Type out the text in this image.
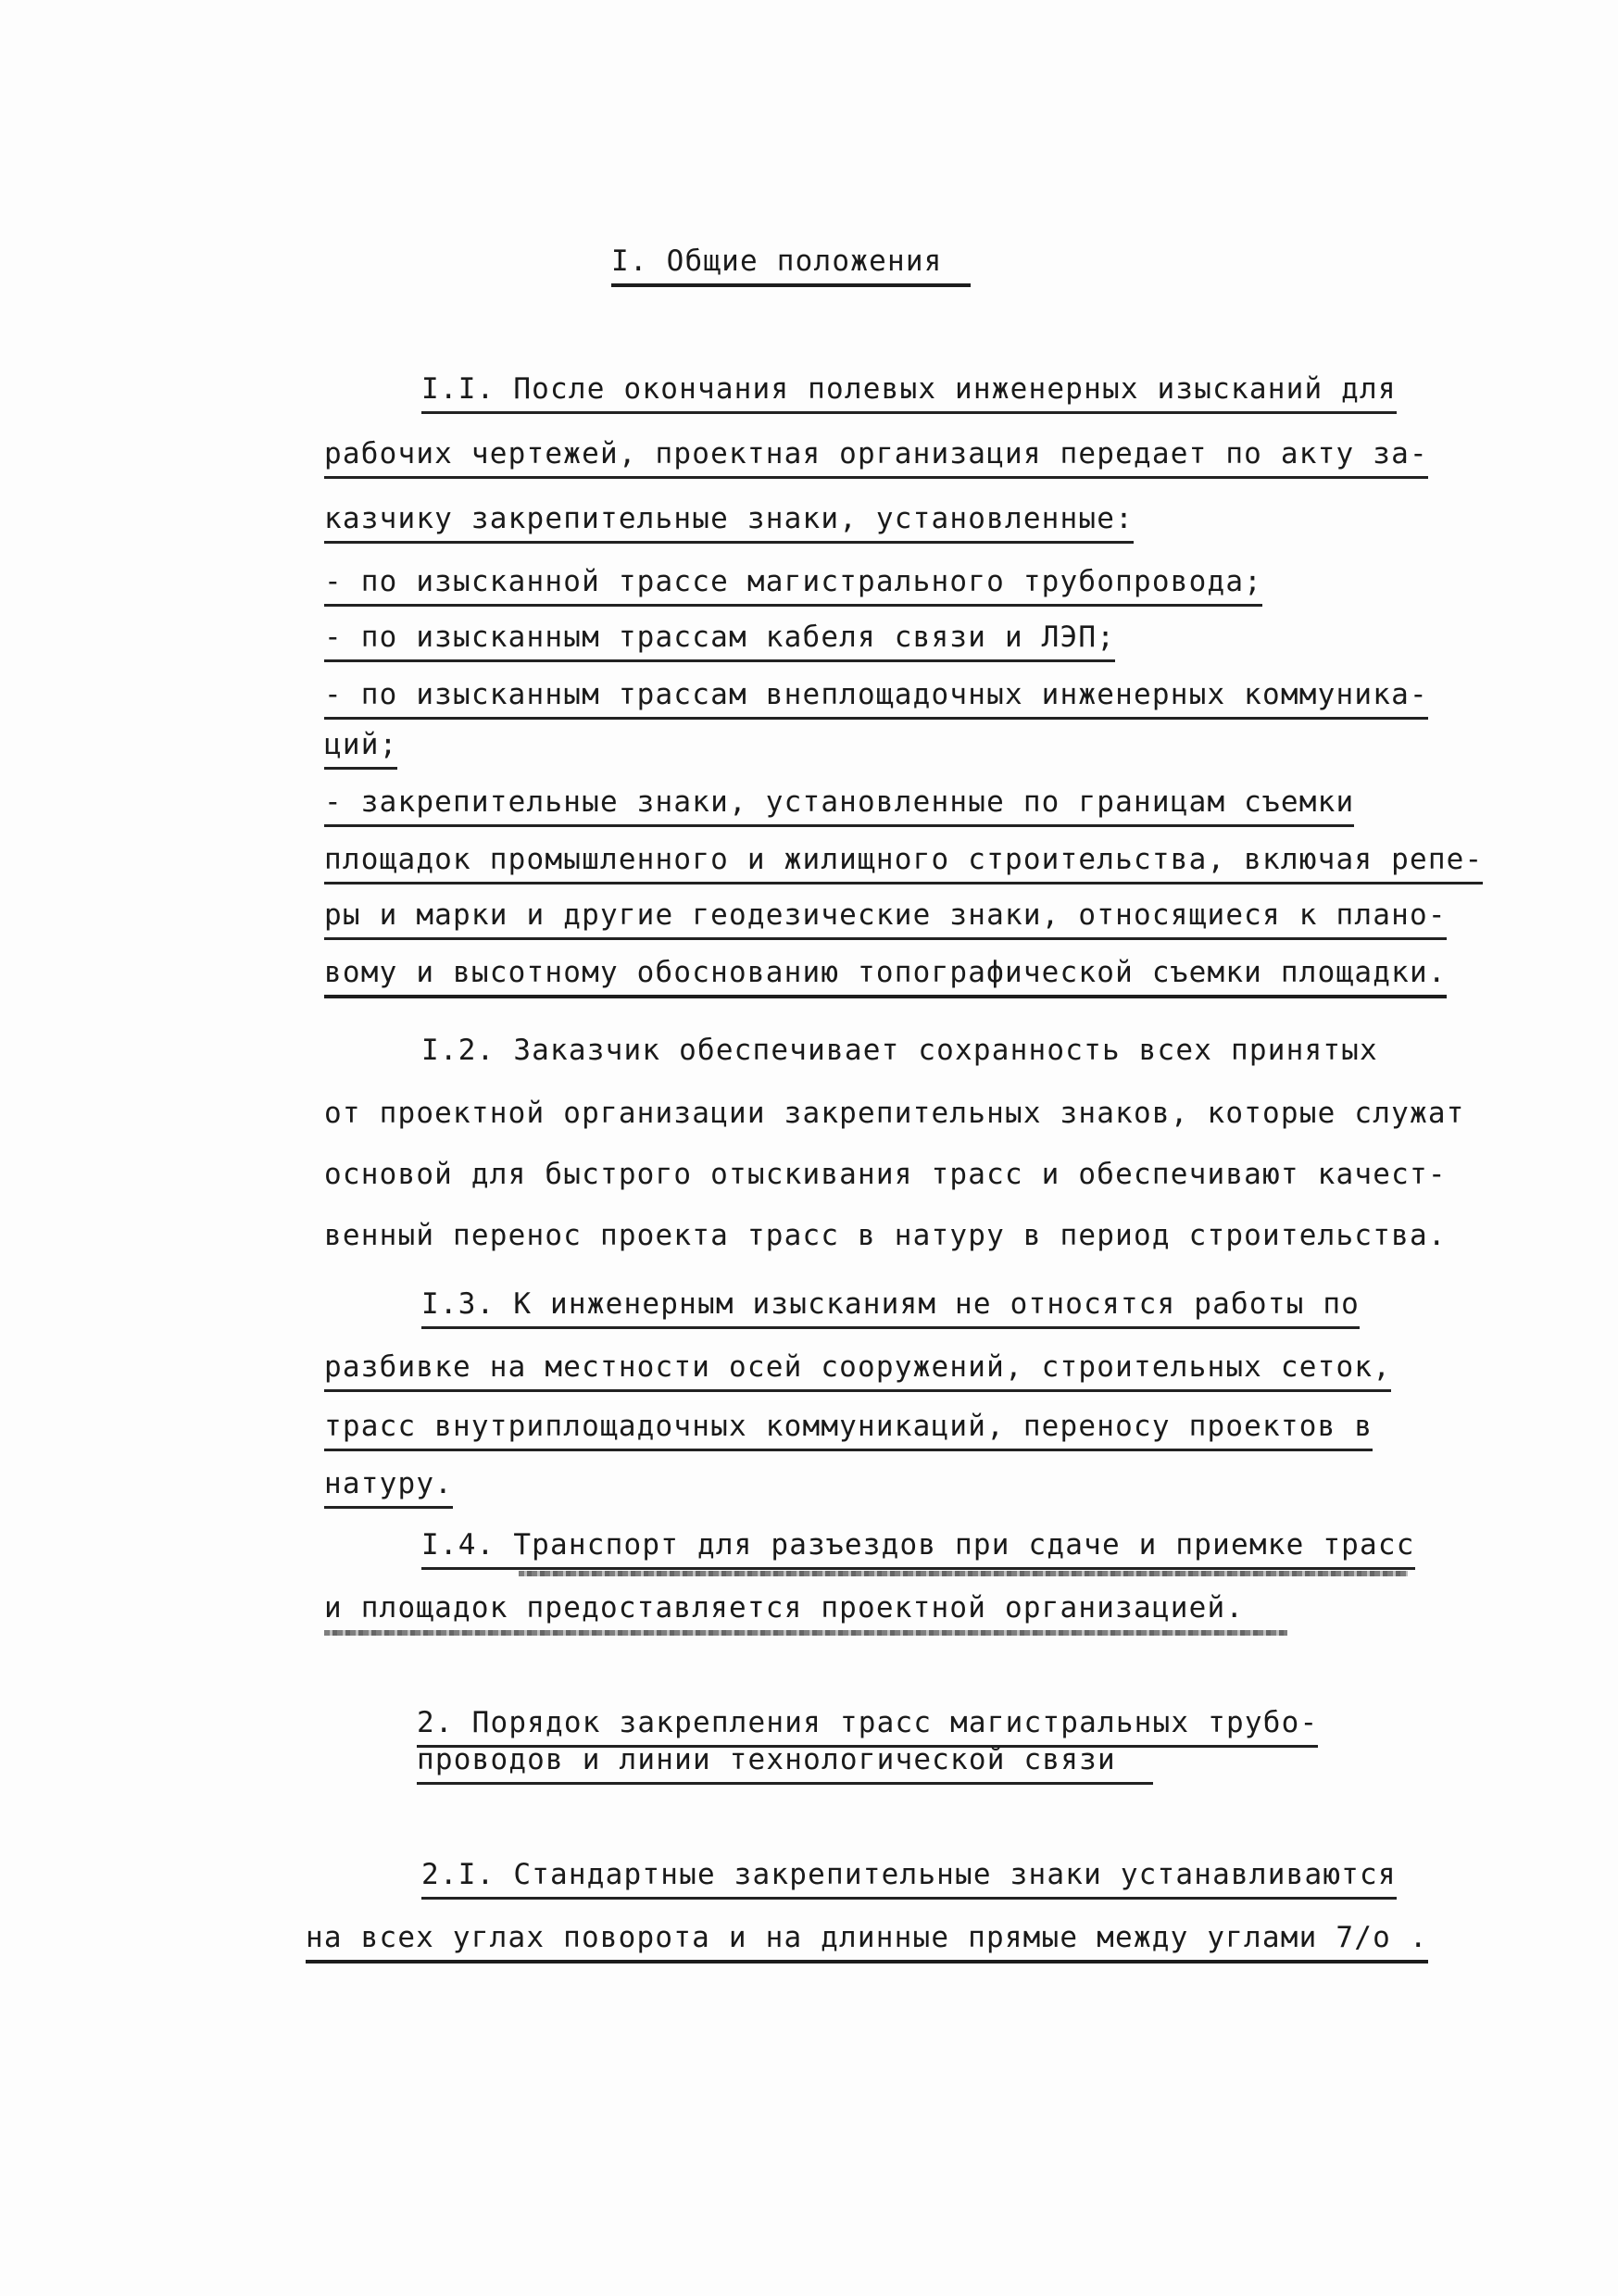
I. Общие положения
I.I. После окончания полевых инженерных изысканий для
рабочих чертежей, проектная организация передает по акту за-
казчику закрепительные знаки, установленные:
- по изысканной трассе магистрального трубопровода;
- по изысканным трассам кабеля связи и ЛЭП;
- по изысканным трассам внеплощадочных инженерных коммуника-
ций;
- закрепительные знаки, установленные по границам съемки
площадок промышленного и жилищного строительства, включая репе-
ры и марки и другие геодезические знаки, относящиеся к плано-
вому и высотному обоснованию топографической съемки площадки.
I.2. Заказчик обеспечивает сохранность всех принятых
от проектной организации закрепительных знаков, которые служат
основой для быстрого отыскивания трасс и обеспечивают качест-
венный перенос проекта трасс в натуру в период строительства.
I.3. К инженерным изысканиям не относятся работы по
разбивке на местности осей сооружений, строительных сеток,
трасс внутриплощадочных коммуникаций, переносу проектов в
натуру.
I.4. Транспорт для разъездов при сдаче и приемке трасс
и площадок предоставляется проектной организацией.
2. Порядок закрепления трасс магистральных трубо-
проводов и линии технологической связи
2.I. Стандартные закрепительные знаки устанавливаются
на всех углах поворота и на длинные прямые между углами 7/о .
